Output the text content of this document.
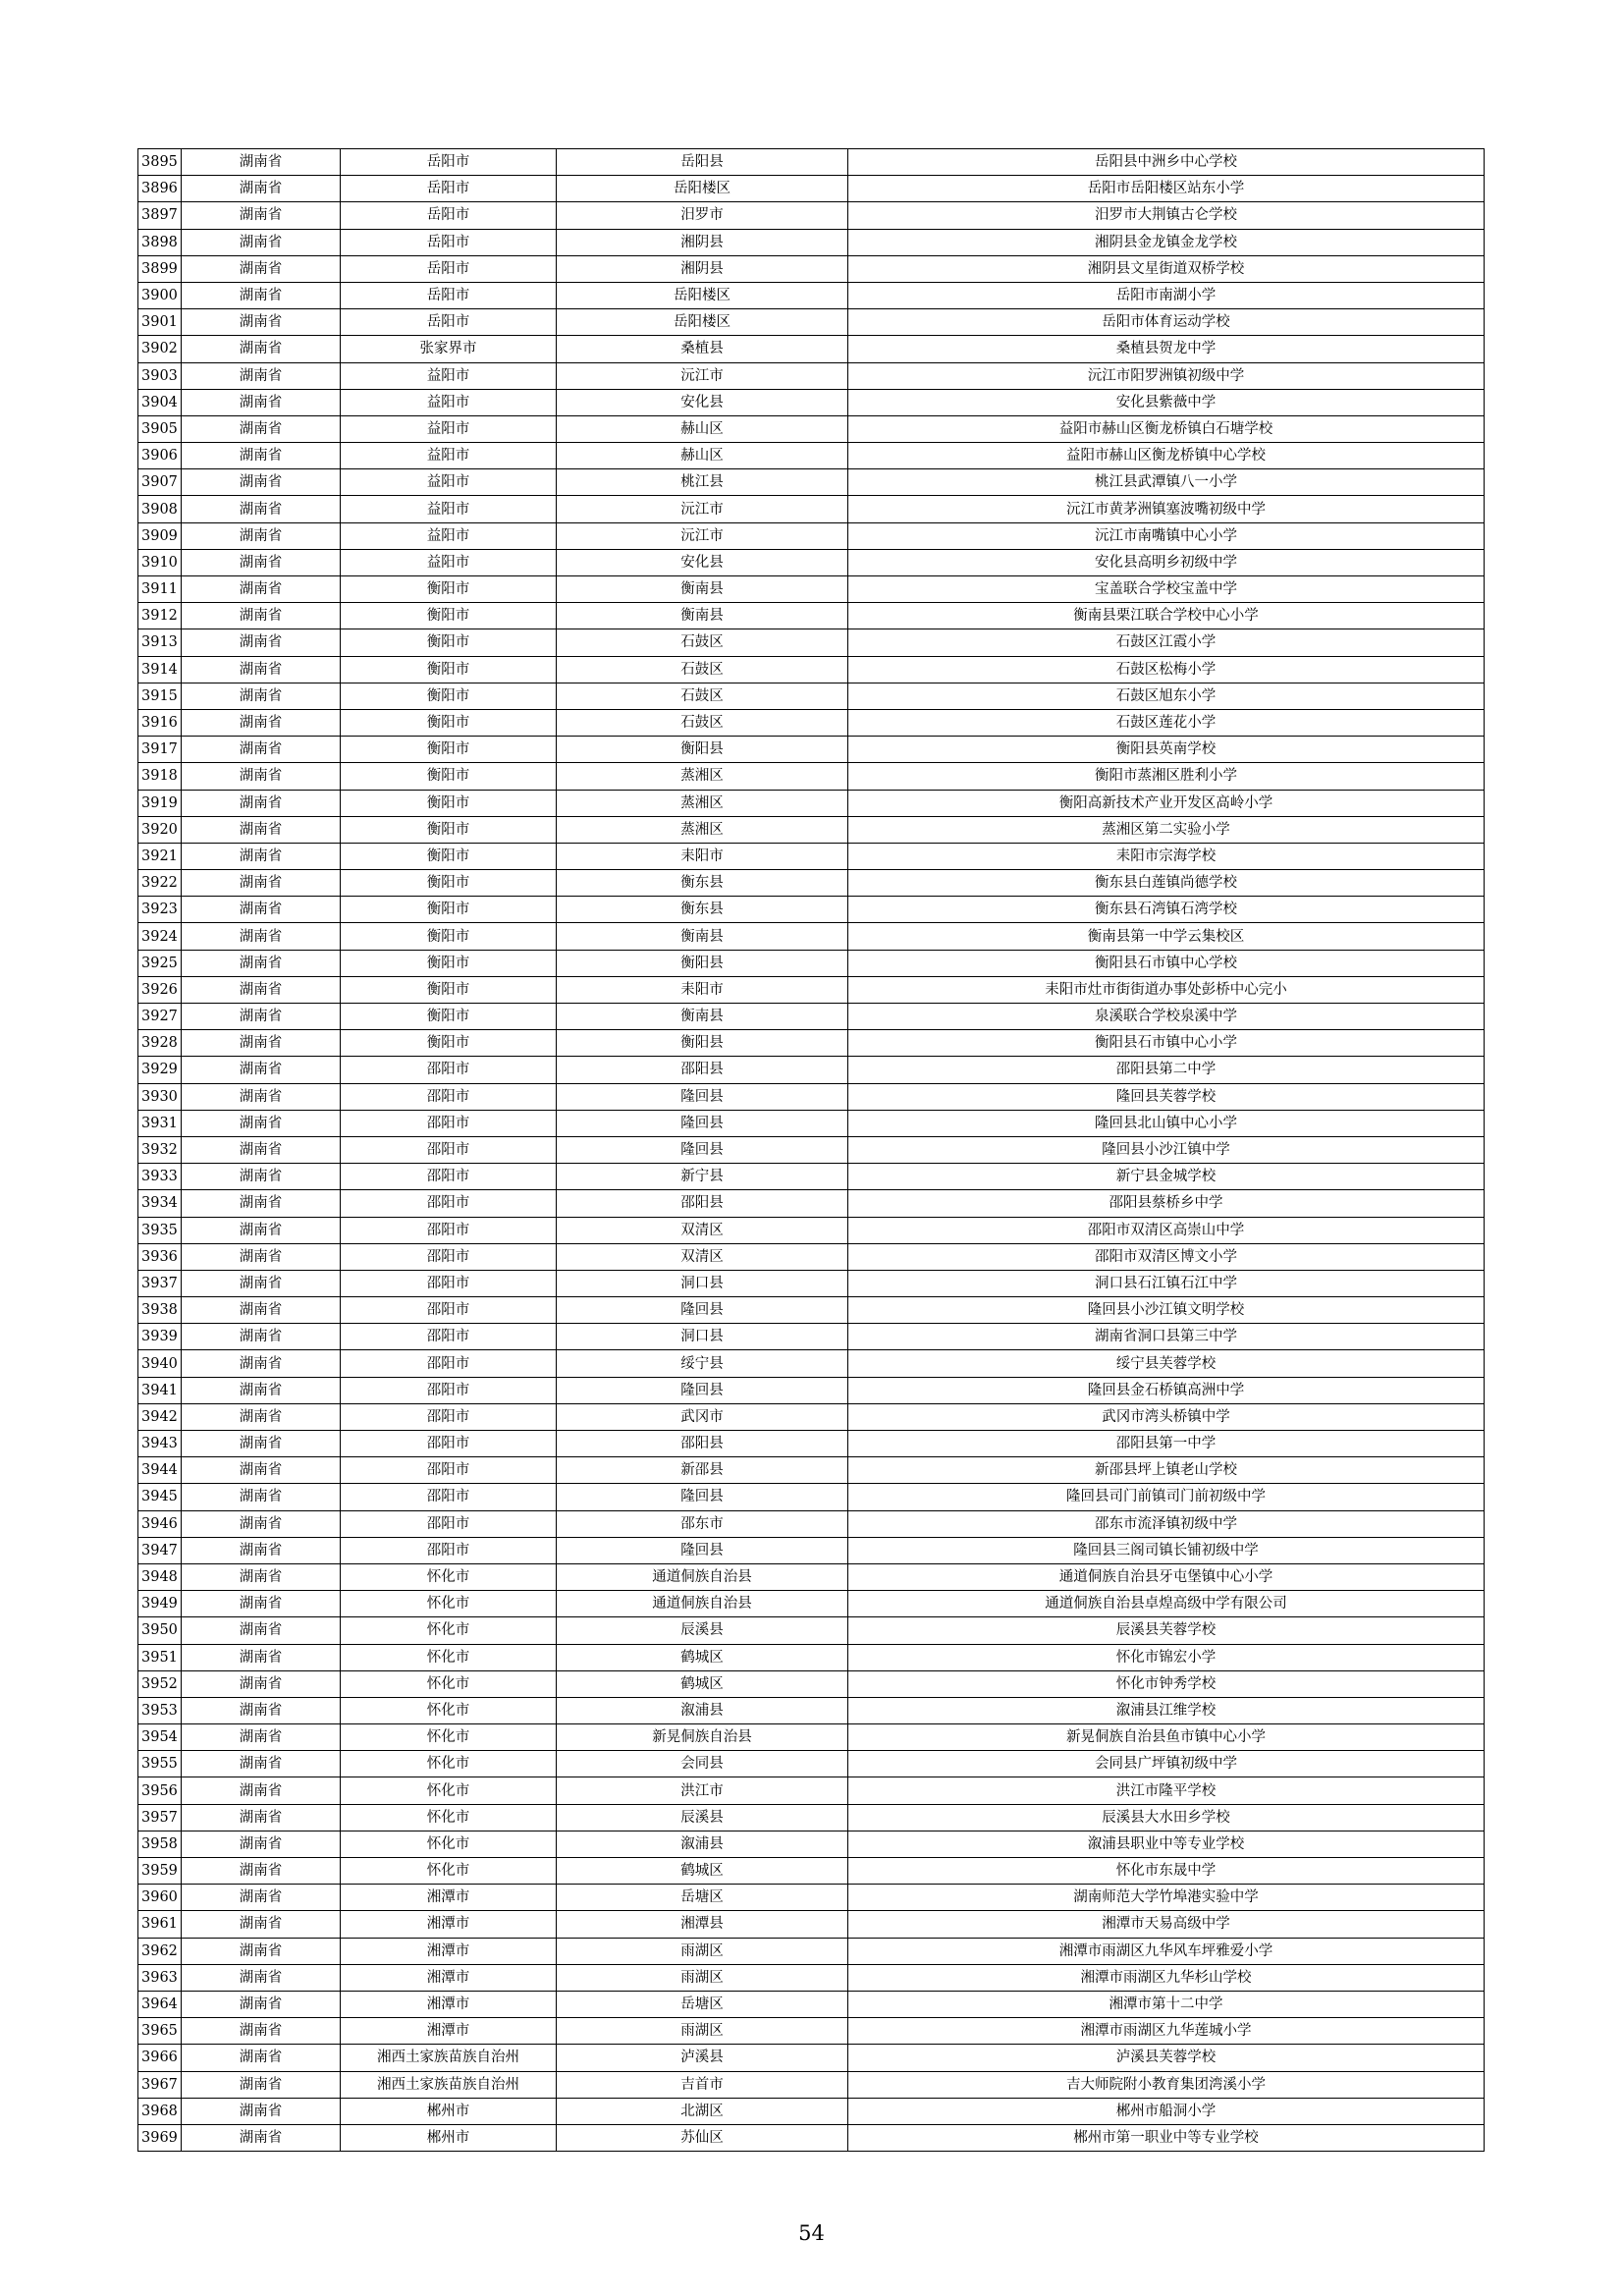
3895	湖南省	岳阳市	岳阳县	岳阳县中洲乡中心学校
3896	湖南省	岳阳市	岳阳楼区	岳阳市岳阳楼区站东小学
3897	湖南省	岳阳市	汨罗市	汨罗市大荆镇古仑学校
3898	湖南省	岳阳市	湘阴县	湘阴县金龙镇金龙学校
3899	湖南省	岳阳市	湘阴县	湘阴县文星街道双桥学校
3900	湖南省	岳阳市	岳阳楼区	岳阳市南湖小学
3901	湖南省	岳阳市	岳阳楼区	岳阳市体育运动学校
3902	湖南省	张家界市	桑植县	桑植县贺龙中学
3903	湖南省	益阳市	沅江市	沅江市阳罗洲镇初级中学
3904	湖南省	益阳市	安化县	安化县紫薇中学
3905	湖南省	益阳市	赫山区	益阳市赫山区衡龙桥镇白石塘学校
3906	湖南省	益阳市	赫山区	益阳市赫山区衡龙桥镇中心学校
3907	湖南省	益阳市	桃江县	桃江县武潭镇八一小学
3908	湖南省	益阳市	沅江市	沅江市黄茅洲镇塞波嘴初级中学
3909	湖南省	益阳市	沅江市	沅江市南嘴镇中心小学
3910	湖南省	益阳市	安化县	安化县高明乡初级中学
3911	湖南省	衡阳市	衡南县	宝盖联合学校宝盖中学
3912	湖南省	衡阳市	衡南县	衡南县栗江联合学校中心小学
3913	湖南省	衡阳市	石鼓区	石鼓区江霞小学
3914	湖南省	衡阳市	石鼓区	石鼓区松梅小学
3915	湖南省	衡阳市	石鼓区	石鼓区旭东小学
3916	湖南省	衡阳市	石鼓区	石鼓区莲花小学
3917	湖南省	衡阳市	衡阳县	衡阳县英南学校
3918	湖南省	衡阳市	蒸湘区	衡阳市蒸湘区胜利小学
3919	湖南省	衡阳市	蒸湘区	衡阳高新技术产业开发区高岭小学
3920	湖南省	衡阳市	蒸湘区	蒸湘区第二实验小学
3921	湖南省	衡阳市	耒阳市	耒阳市宗海学校
3922	湖南省	衡阳市	衡东县	衡东县白莲镇尚德学校
3923	湖南省	衡阳市	衡东县	衡东县石湾镇石湾学校
3924	湖南省	衡阳市	衡南县	衡南县第一中学云集校区
3925	湖南省	衡阳市	衡阳县	衡阳县石市镇中心学校
3926	湖南省	衡阳市	耒阳市	耒阳市灶市街街道办事处彭桥中心完小
3927	湖南省	衡阳市	衡南县	泉溪联合学校泉溪中学
3928	湖南省	衡阳市	衡阳县	衡阳县石市镇中心小学
3929	湖南省	邵阳市	邵阳县	邵阳县第二中学
3930	湖南省	邵阳市	隆回县	隆回县芙蓉学校
3931	湖南省	邵阳市	隆回县	隆回县北山镇中心小学
3932	湖南省	邵阳市	隆回县	隆回县小沙江镇中学
3933	湖南省	邵阳市	新宁县	新宁县金城学校
3934	湖南省	邵阳市	邵阳县	邵阳县蔡桥乡中学
3935	湖南省	邵阳市	双清区	邵阳市双清区高崇山中学
3936	湖南省	邵阳市	双清区	邵阳市双清区博文小学
3937	湖南省	邵阳市	洞口县	洞口县石江镇石江中学
3938	湖南省	邵阳市	隆回县	隆回县小沙江镇文明学校
3939	湖南省	邵阳市	洞口县	湖南省洞口县第三中学
3940	湖南省	邵阳市	绥宁县	绥宁县芙蓉学校
3941	湖南省	邵阳市	隆回县	隆回县金石桥镇高洲中学
3942	湖南省	邵阳市	武冈市	武冈市湾头桥镇中学
3943	湖南省	邵阳市	邵阳县	邵阳县第一中学
3944	湖南省	邵阳市	新邵县	新邵县坪上镇老山学校
3945	湖南省	邵阳市	隆回县	隆回县司门前镇司门前初级中学
3946	湖南省	邵阳市	邵东市	邵东市流泽镇初级中学
3947	湖南省	邵阳市	隆回县	隆回县三阁司镇长铺初级中学
3948	湖南省	怀化市	通道侗族自治县	通道侗族自治县牙屯堡镇中心小学
3949	湖南省	怀化市	通道侗族自治县	通道侗族自治县卓煌高级中学有限公司
3950	湖南省	怀化市	辰溪县	辰溪县芙蓉学校
3951	湖南省	怀化市	鹤城区	怀化市锦宏小学
3952	湖南省	怀化市	鹤城区	怀化市钟秀学校
3953	湖南省	怀化市	溆浦县	溆浦县江维学校
3954	湖南省	怀化市	新晃侗族自治县	新晃侗族自治县鱼市镇中心小学
3955	湖南省	怀化市	会同县	会同县广坪镇初级中学
3956	湖南省	怀化市	洪江市	洪江市隆平学校
3957	湖南省	怀化市	辰溪县	辰溪县大水田乡学校
3958	湖南省	怀化市	溆浦县	溆浦县职业中等专业学校
3959	湖南省	怀化市	鹤城区	怀化市东晟中学
3960	湖南省	湘潭市	岳塘区	湖南师范大学竹埠港实验中学
3961	湖南省	湘潭市	湘潭县	湘潭市天易高级中学
3962	湖南省	湘潭市	雨湖区	湘潭市雨湖区九华风车坪雅爱小学
3963	湖南省	湘潭市	雨湖区	湘潭市雨湖区九华杉山学校
3964	湖南省	湘潭市	岳塘区	湘潭市第十二中学
3965	湖南省	湘潭市	雨湖区	湘潭市雨湖区九华莲城小学
3966	湖南省	湘西土家族苗族自治州	泸溪县	泸溪县芙蓉学校
3967	湖南省	湘西土家族苗族自治州	吉首市	吉大师院附小教育集团湾溪小学
3968	湖南省	郴州市	北湖区	郴州市船洞小学
3969	湖南省	郴州市	苏仙区	郴州市第一职业中等专业学校
54
